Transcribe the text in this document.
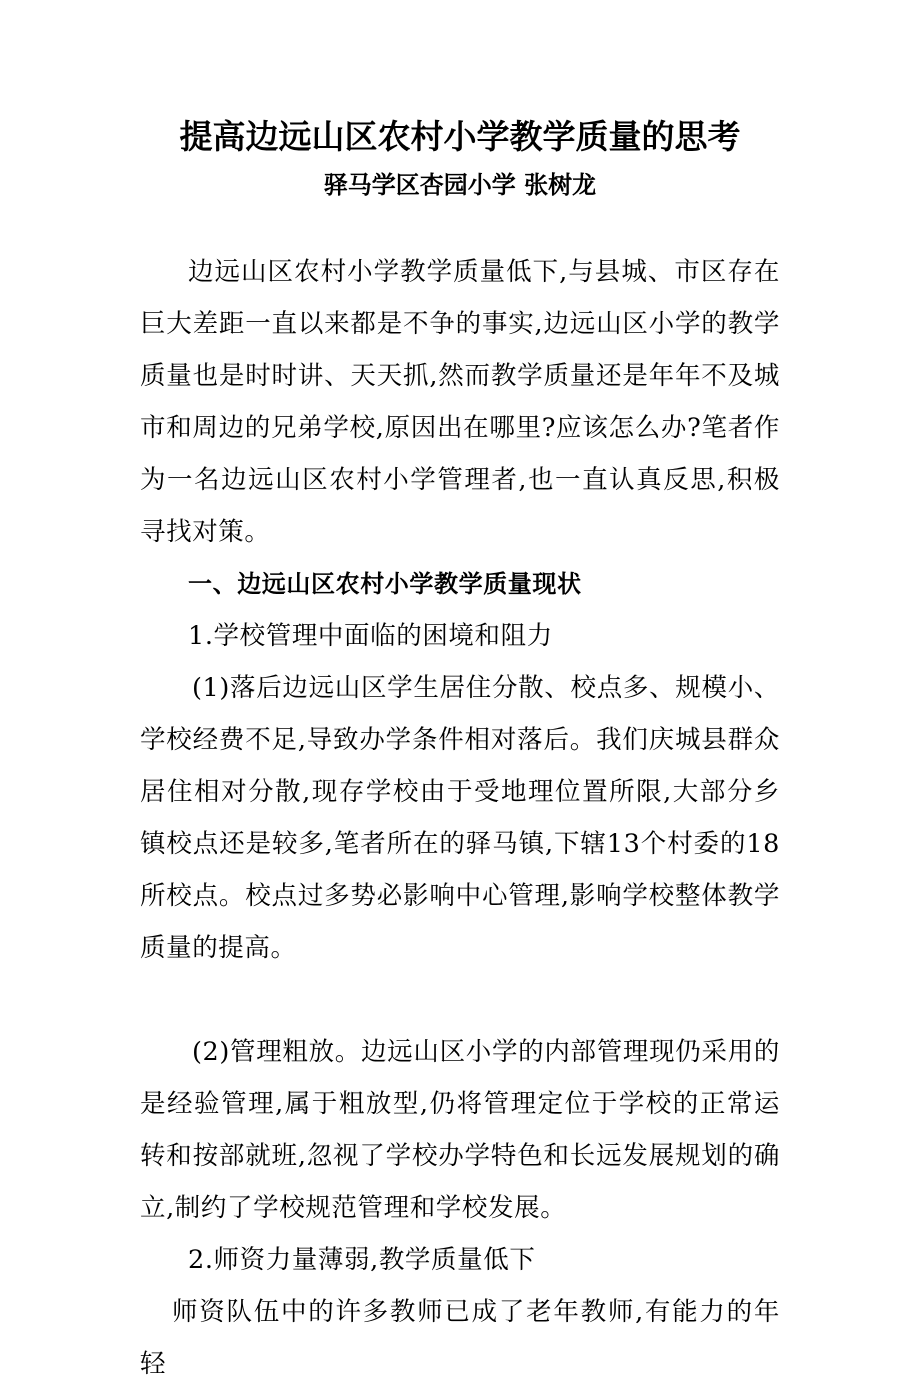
提高边远山区农村小学教学质量的思考
驿马学区杏园小学 张树龙

边远山区农村小学教学质量低下,与县城、市区存在巨大差距一直以来都是不争的事实,边远山区小学的教学质量也是时时讲、天天抓,然而教学质量还是年年不及城市和周边的兄弟学校,原因出在哪里?应该怎么办?笔者作为一名边远山区农村小学管理者,也一直认真反思,积极寻找对策。

一、边远山区农村小学教学质量现状

1.学校管理中面临的困境和阻力

(1)落后边远山区学生居住分散、校点多、规模小、学校经费不足,导致办学条件相对落后。我们庆城县群众居住相对分散,现存学校由于受地理位置所限,大部分乡镇校点还是较多,笔者所在的驿马镇,下辖13个村委的18所校点。校点过多势必影响中心管理,影响学校整体教学质量的提高。

(2)管理粗放。边远山区小学的内部管理现仍采用的是经验管理,属于粗放型,仍将管理定位于学校的正常运转和按部就班,忽视了学校办学特色和长远发展规划的确立,制约了学校规范管理和学校发展。

2.师资力量薄弱,教学质量低下

师资队伍中的许多教师已成了老年教师,有能力的年轻
